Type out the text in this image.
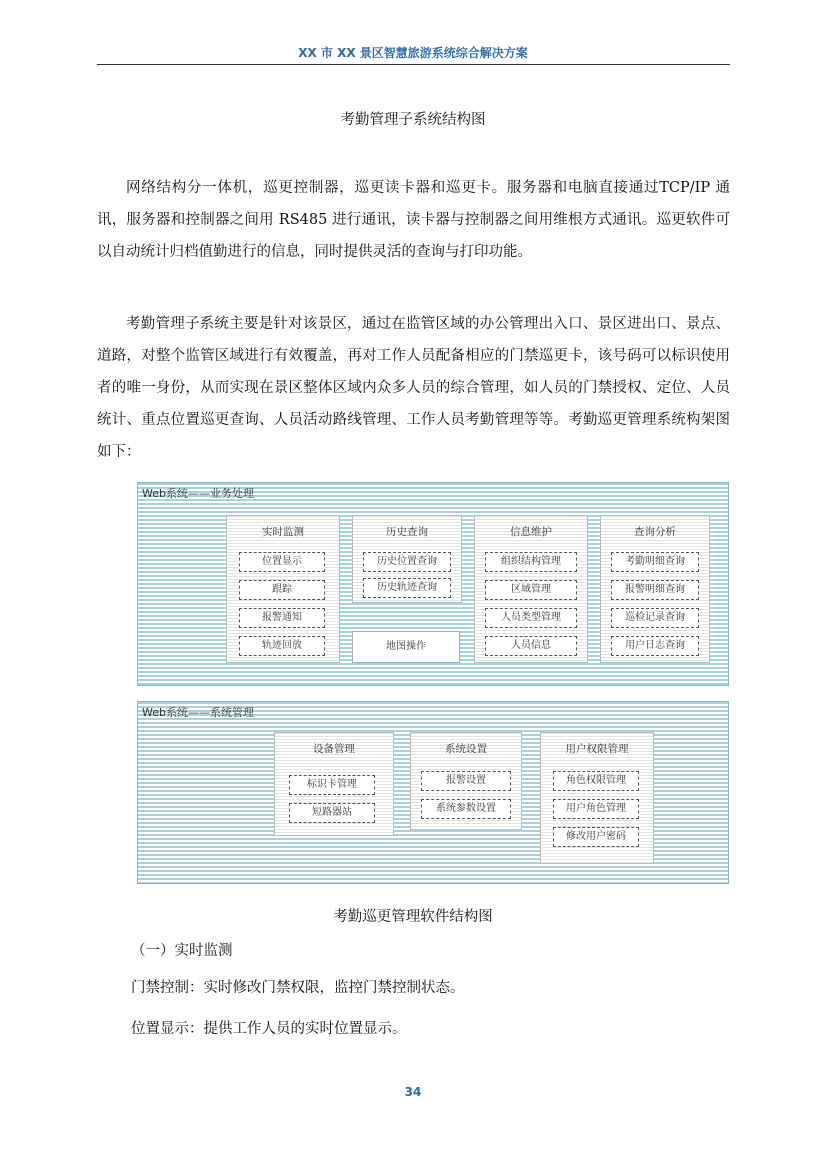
XX 市 XX 景区智慧旅游系统综合解决方案
考勤管理子系统结构图

网络结构分一体机，巡更控制器，巡更读卡器和巡更卡。服务器和电脑直接通过TCP/IP 通讯，服务器和控制器之间用 RS485 进行通讯，读卡器与控制器之间用维根方式通讯。巡更软件可以自动统计归档值勤进行的信息，同时提供灵活的查询与打印功能。

考勤管理子系统主要是针对该景区，通过在监管区域的办公管理出入口、景区进出口、景点、道路，对整个监管区域进行有效覆盖，再对工作人员配备相应的门禁巡更卡，该号码可以标识使用者的唯一身份，从而实现在景区整体区域内众多人员的综合管理，如人员的门禁授权、定位、人员统计、重点位置巡更查询、人员活动路线管理、工作人员考勤管理等等。考勤巡更管理系统构架图如下：

Web系统——业务处理
实时监测
位置显示
跟踪
报警通知
轨迹回放
历史查询
历史位置查询
历史轨迹查询
地图操作
信息维护
组织结构管理
区域管理
人员类型管理
人员信息
查询分析
考勤明细查询
报警明细查询
巡检记录查询
用户日志查询
Web系统——系统管理
设备管理
标识卡管理
短路器站
系统设置
报警设置
系统参数设置
用户权限管理
角色权限管理
用户角色管理
修改用户密码
考勤巡更管理软件结构图
（一）实时监测
门禁控制：实时修改门禁权限，监控门禁控制状态。
位置显示：提供工作人员的实时位置显示。
34
